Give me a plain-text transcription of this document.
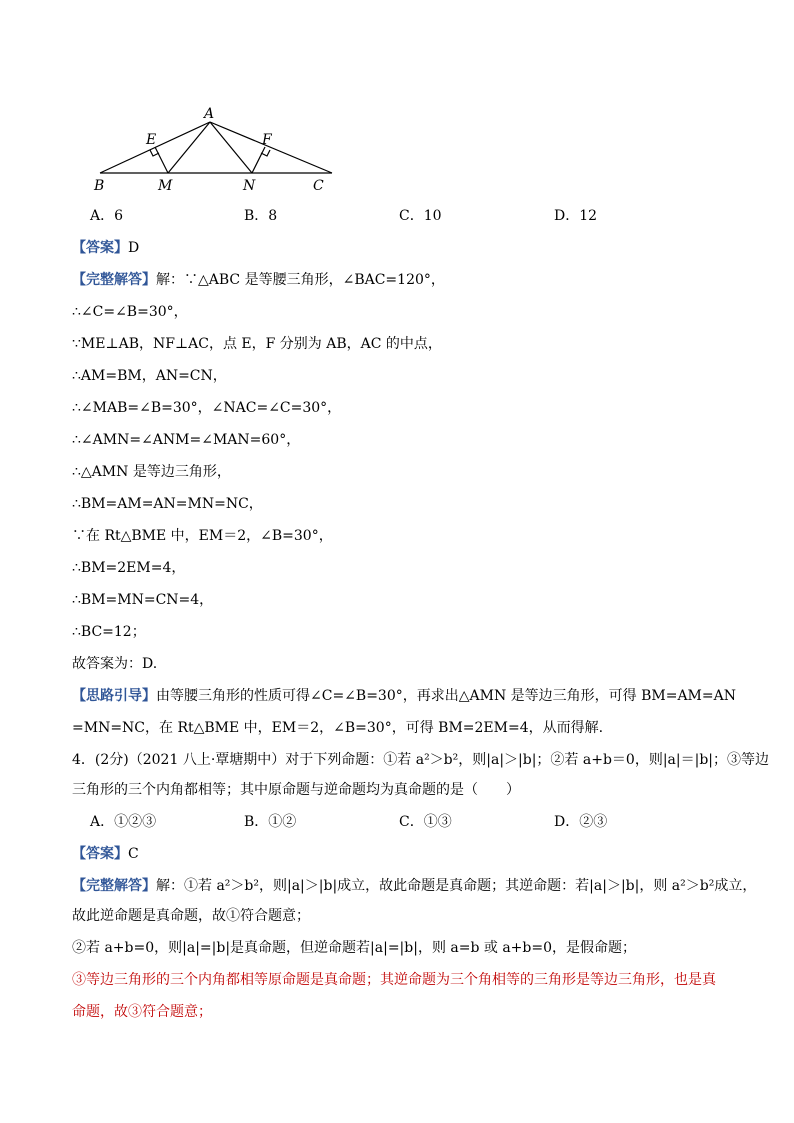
A
E	F
B	M	N	C
A．6	B．8	C．10	D．12
【答案】D
【完整解答】解：∵△ABC 是等腰三角形，∠BAC=120°，
∴∠C=∠B=30°，
∵ME⊥AB，NF⊥AC，点 E，F 分别为 AB，AC 的中点，
∴AM=BM，AN=CN，
∴∠MAB=∠B=30°，∠NAC=∠C=30°，
∴∠AMN=∠ANM=∠MAN=60°，
∴△AMN 是等边三角形，
∴BM=AM=AN=MN=NC，
∵在 Rt△BME 中，EM＝2，∠B=30°，
∴BM=2EM=4，
∴BM=MN=CN=4，
∴BC=12；
故答案为：D.
【思路引导】由等腰三角形的性质可得∠C=∠B=30°，再求出△AMN 是等边三角形，可得 BM=AM=AN
=MN=NC，在 Rt△BME 中，EM＝2，∠B=30°，可得 BM=2EM=4，从而得解.
4．(2分)（2021 八上·覃塘期中）对于下列命题：①若 a²＞b²，则|a|＞|b|；②若 a+b＝0，则|a|＝|b|；③等边
三角形的三个内角都相等；其中原命题与逆命题均为真命题的是（　　）
A．①②③	B．①②	C．①③	D．②③
【答案】C
【完整解答】解：①若 a²＞b²，则|a|＞|b|成立，故此命题是真命题；其逆命题：若|a|＞|b|，则 a²＞b²成立，
故此逆命题是真命题，故①符合题意；
②若 a+b=0，则|a|=|b|是真命题，但逆命题若|a|=|b|，则 a=b 或 a+b=0，是假命题；
③等边三角形的三个内角都相等原命题是真命题；其逆命题为三个角相等的三角形是等边三角形，也是真
命题，故③符合题意；
